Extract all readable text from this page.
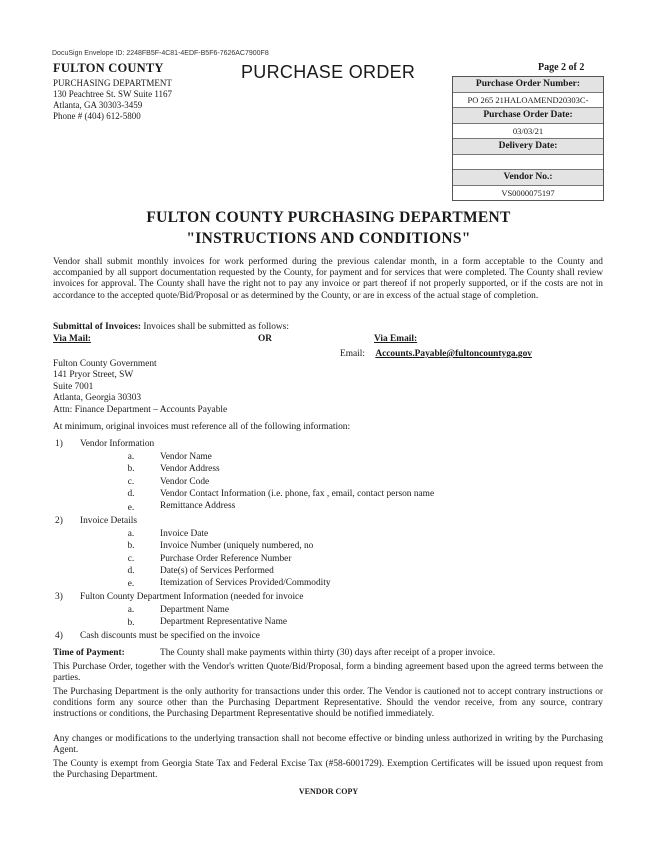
DocuSign Envelope ID: 2248FB5F-4C81-4EDF-B5F6-7626AC7900F8
FULTON COUNTY
PURCHASING DEPARTMENT
130 Peachtree St. SW Suite 1167
Atlanta, GA 30303-3459
Phone # (404) 612-5800
PURCHASE ORDER	Page 2 of 2
Purchase Order Number:
PO 265 21HALOAMEND20303C-
Purchase Order Date:
03/03/21
Delivery Date:
Vendor No.:
VS0000075197
FULTON COUNTY PURCHASING DEPARTMENT
"INSTRUCTIONS AND CONDITIONS"
Vendor shall submit monthly invoices for work performed during the previous calendar month, in a form acceptable to the County and accompanied by all support documentation requested by the County, for payment and for services that were completed. The County shall review invoices for approval. The County shall have the right not to pay any invoice or part thereof if not properly supported, or if the costs are not in accordance to the accepted quote/Bid/Proposal or as determined by the County, or are in excess of the actual stage of completion.
Submittal of Invoices: Invoices shall be submitted as follows:
Via Mail:	OR	Via Email:
Email: Accounts.Payable@fultoncountyga.gov
Fulton County Government
141 Pryor Street, SW
Suite 7001
Atlanta, Georgia 30303
Attn: Finance Department – Accounts Payable
At minimum, original invoices must reference all of the following information:
1) Vendor Information
a.	Vendor Name
b.	Vendor Address
c.	Vendor Code
d.	Vendor Contact Information (i.e. phone, fax , email, contact person name
e.	Remittance Address
2) Invoice Details
a.	Invoice Date
b.	Invoice Number (uniquely numbered, no
c.	Purchase Order Reference Number
d.	Date(s) of Services Performed
e.	Itemization of Services Provided/Commodity
3) Fulton County Department Information (needed for invoice
a.	Department Name
b.	Department Representative Name
4) Cash discounts must be specified on the invoice
Time of Payment:	The County shall make payments within thirty (30) days after receipt of a proper invoice.
This Purchase Order, together with the Vendor's written Quote/Bid/Proposal, form a binding agreement based upon the agreed terms between the parties.
The Purchasing Department is the only authority for transactions under this order. The Vendor is cautioned not to accept contrary instructions or conditions form any source other than the Purchasing Department Representative. Should the vendor receive, from any source, contrary instructions or conditions, the Purchasing Department Representative should be notified immediately.
Any changes or modifications to the underlying transaction shall not become effective or binding unless authorized in writing by the Purchasing Agent.
The County is exempt from Georgia State Tax and Federal Excise Tax (#58-6001729). Exemption Certificates will be issued upon request from the Purchasing Department.
VENDOR COPY
